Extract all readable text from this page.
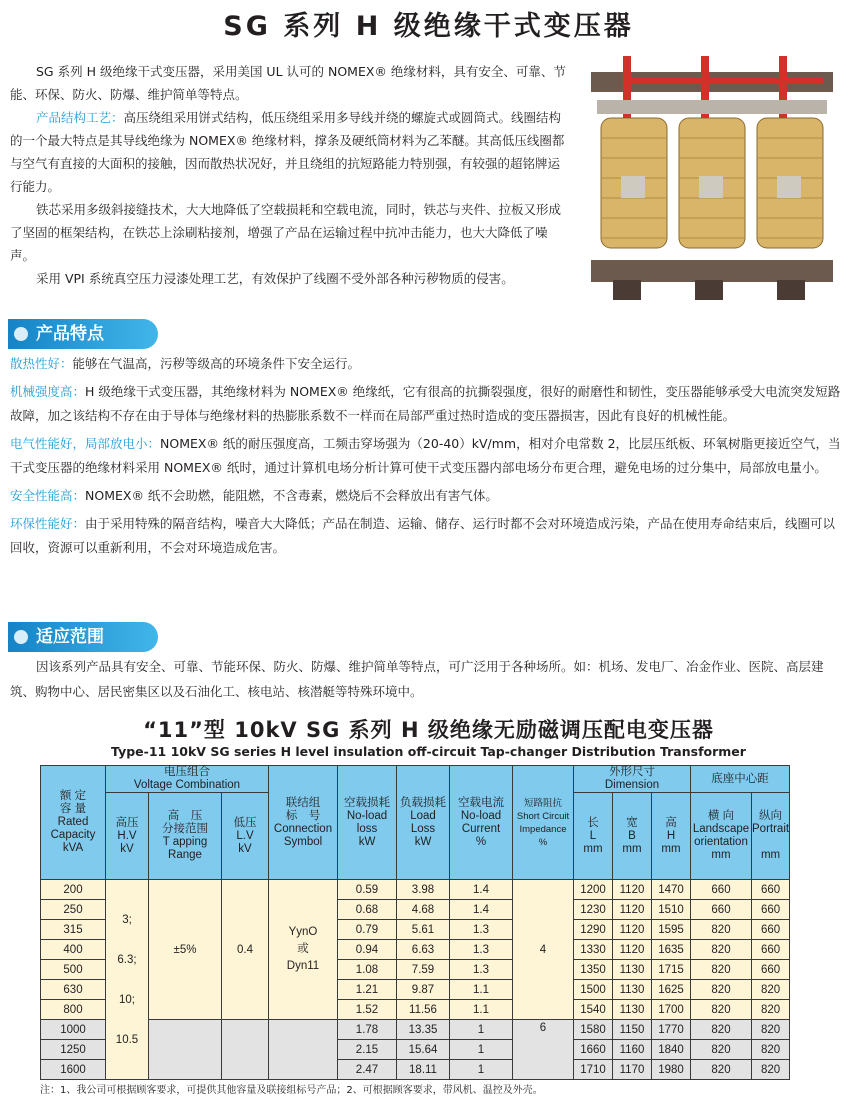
SG 系列 H 级绝缘干式变压器

SG 系列 H 级绝缘干式变压器，采用美国 UL 认可的 NOMEX® 绝缘材料，具有安全、可靠、节能、环保、防火、防爆、维护简单等特点。

产品结构工艺：高压绕组采用饼式结构，低压绕组采用多导线并绕的螺旋式或圆筒式。线圈结构的一个最大特点是其导线绝缘为 NOMEX® 绝缘材料，撑条及硬纸筒材料为乙苯醚。其高低压线圈都与空气有直接的大面积的接触，因而散热状况好，并且绕组的抗短路能力特别强，有较强的超铭牌运行能力。

铁芯采用多级斜接缝技术，大大地降低了空载损耗和空载电流，同时，铁芯与夹件、拉板又形成了坚固的框架结构，在铁芯上涂刷粘接剂，增强了产品在运输过程中抗冲击能力，也大大降低了噪声。

采用 VPI 系统真空压力浸漆处理工艺，有效保护了线圈不受外部各种污秽物质的侵害。

产品特点

散热性好：能够在气温高，污秽等级高的环境条件下安全运行。

机械强度高：H 级绝缘干式变压器，其绝缘材料为 NOMEX® 绝缘纸，它有很高的抗撕裂强度，很好的耐磨性和韧性，变压器能够承受大电流突发短路故障，加之该结构不存在由于导体与绝缘材料的热膨胀系数不一样而在局部严重过热时造成的变压器损害，因此有良好的机械性能。

电气性能好，局部放电小：NOMEX® 纸的耐压强度高，工频击穿场强为（20-40）kV/mm，相对介电常数 2，比层压纸板、环氧树脂更接近空气，当干式变压器的绝缘材料采用 NOMEX® 纸时，通过计算机电场分析计算可使干式变压器内部电场分布更合理，避免电场的过分集中，局部放电量小。

安全性能高：NOMEX® 纸不会助燃，能阻燃，不含毒素，燃烧后不会释放出有害气体。

环保性能好：由于采用特殊的隔音结构，噪音大大降低；产品在制造、运输、储存、运行时都不会对环境造成污染，产品在使用寿命结束后，线圈可以回收，资源可以重新利用，不会对环境造成危害。

适应范围

因该系列产品具有安全、可靠、节能环保、防火、防爆、维护简单等特点，可广泛用于各种场所。如：机场、发电厂、冶金作业、医院、高层建筑、购物中心、居民密集区以及石油化工、核电站、核潜艇等特殊环境中。

“11”型 10kV SG 系列 H 级绝缘无励磁调压配电变压器
Type-11 10kV SG series H level insulation off-circuit Tap-changer Distribution Transformer
额 定
容 量
Rated
Capacity
kVA	电压组合
Voltage Combination			联结组
标　号
Connection
Symbol	空载损耗
No-load
loss
kW	负载损耗
Load
Loss
kW	空载电流
No-load
Current
%	短路阻抗
Short Circuit
Impedance
%	外形尺寸
Dimension			底座中心距	
	高压
H.V
kV	高　压
分接范围
T apping
Range	低压
L.V
kV						长
L
mm	宽
B
mm	高
H
mm	横 向
Landscape
orientation
mm	纵向
Portrait

mm
200	3;

6.3;

10;

10.5	±5%	0.4	YynO
或
Dyn11	0.59	3.98	1.4	4	1200	1120	1470	660	660
250					0.68	4.68	1.4		1230	1120	1510	660	660
315					0.79	5.61	1.3		1290	1120	1595	820	660
400					0.94	6.63	1.3		1330	1120	1635	820	660
500					1.08	7.59	1.3		1350	1130	1715	820	660
630					1.21	9.87	1.1		1500	1130	1625	820	820
800					1.52	11.56	1.1		1540	1130	1700	820	820
1000					1.78	13.35	1	6	1580	1150	1770	820	820
1250					2.15	15.64	1		1660	1160	1840	820	820
1600					2.47	18.11	1		1710	1170	1980	820	820
注：1、我公司可根据顾客要求，可提供其他容量及联接组标号产品；2、可根据顾客要求，带风机、温控及外壳。
